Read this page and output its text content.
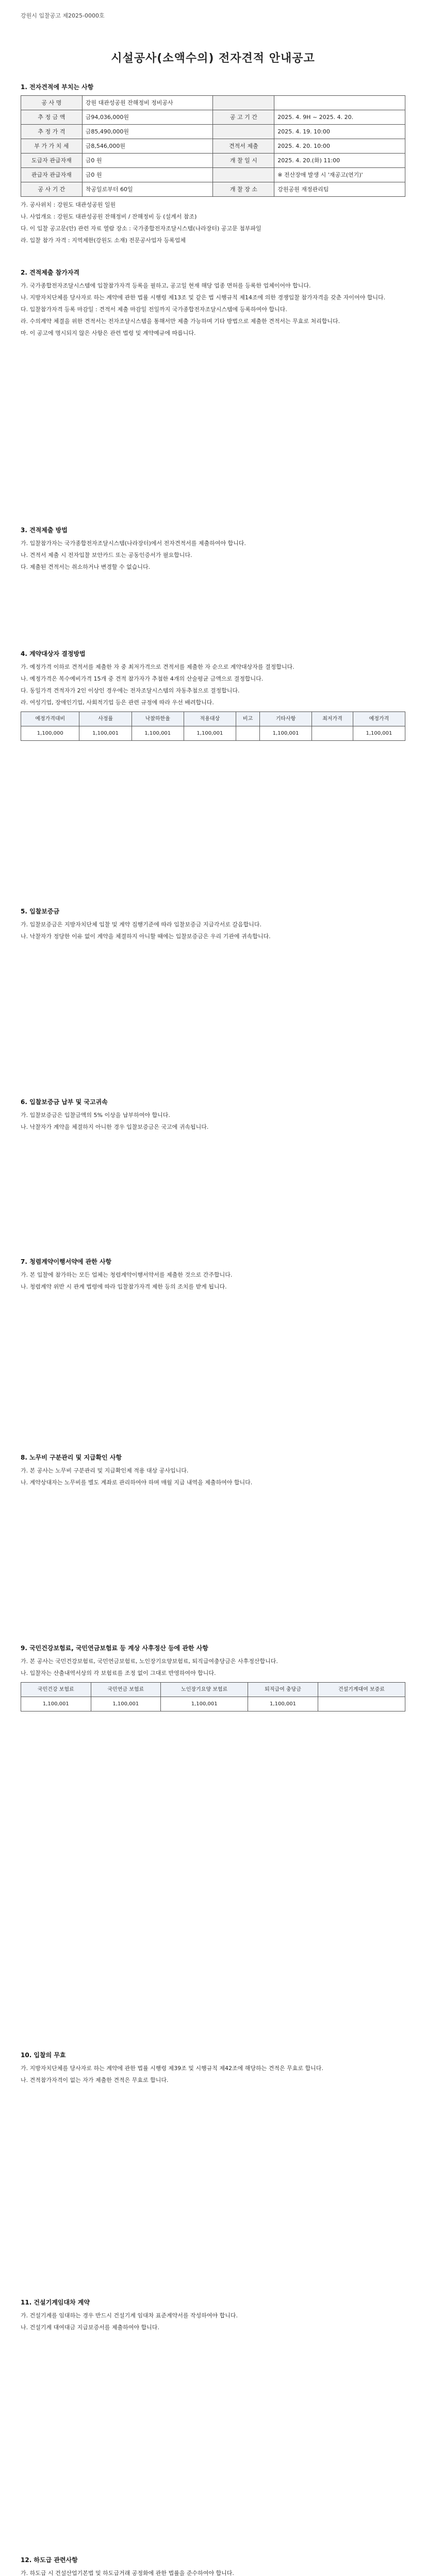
강원시 입찰공고 제2025-0000호
시설공사(소액수의) 전자견적 안내공고
1. 전자견적에 부치는 사항
공 사 명	강원 대관성공원 잔해정비 정비공사		
추 정 금 액	금94,036,000원	공 고 기 간	2025. 4. 9H ~ 2025. 4. 20.
추 정 가 격	금85,490,000원		2025. 4. 19. 10:00
부 가 가 치 세	금8,546,000원	견적서 제출	2025. 4. 20. 10:00
도급자 관급자재	금0 원	개 찰 일 시	2025. 4. 20.(화) 11:00
관급자 관급자재	금0 원		※ 전산장애 발생 시 '재공고(연기)'
공 사 기 간	착공일로부터 60일	개 찰 장 소	강원공원 재정관리팀

가. 공사위치 : 강원도 대관성공원 일원

나. 사업개요 : 강원도 대관성공원 잔해정비 / 잔해정비 등 (설계서 참조)

다. 이 입찰 공고문(안) 관련 자료 열람 장소 : 국가종합전자조달시스템(나라장터) 공고문 첨부파일

라. 입찰 참가 자격 : 지역제한(강원도 소재) 전문공사업자 등록업체

2. 견적제출 참가자격

가. 국가종합전자조달시스템에 입찰참가자격 등록을 필하고, 공고일 현재 해당 업종 면허를 등록한 업체이어야 합니다.

나. 지방자치단체를 당사자로 하는 계약에 관한 법률 시행령 제13조 및 같은 법 시행규칙 제14조에 의한 경쟁입찰 참가자격을 갖춘 자이어야 합니다.

다. 입찰참가자격 등록 마감일 : 견적서 제출 마감일 전일까지 국가종합전자조달시스템에 등록하여야 합니다.

라. 수의계약 체결을 위한 견적서는 전자조달시스템을 통해서만 제출 가능하며 기타 방법으로 제출한 견적서는 무효로 처리합니다.

마. 이 공고에 명시되지 않은 사항은 관련 법령 및 계약예규에 따릅니다.

3. 견적제출 방법

가. 입찰참가자는 국가종합전자조달시스템(나라장터)에서 전자견적서를 제출하여야 합니다.

나. 견적서 제출 시 전자입찰 보안카드 또는 공동인증서가 필요합니다.

다. 제출된 견적서는 취소하거나 변경할 수 없습니다.

4. 계약대상자 결정방법

가. 예정가격 이하로 견적서를 제출한 자 중 최저가격으로 견적서를 제출한 자 순으로 계약대상자를 결정합니다.

나. 예정가격은 복수예비가격 15개 중 견적 참가자가 추첨한 4개의 산술평균 금액으로 결정합니다.

다. 동일가격 견적자가 2인 이상인 경우에는 전자조달시스템의 자동추첨으로 결정합니다.

라. 여성기업, 장애인기업, 사회적기업 등은 관련 규정에 따라 우선 배려합니다.

예정가격대비	사정률	낙찰하한율	적용대상	비고	기타사항	최저가격	예정가격
1,100,000	1,100,001	1,100,001	1,100,001		1,100,001		1,100,001
5. 입찰보증금

가. 입찰보증금은 지방자치단체 입찰 및 계약 집행기준에 따라 입찰보증금 지급각서로 갈음합니다.

나. 낙찰자가 정당한 이유 없이 계약을 체결하지 아니할 때에는 입찰보증금은 우리 기관에 귀속합니다.

6. 입찰보증금 납부 및 국고귀속

가. 입찰보증금은 입찰금액의 5% 이상을 납부하여야 합니다.

나. 낙찰자가 계약을 체결하지 아니한 경우 입찰보증금은 국고에 귀속됩니다.

7. 청렴계약이행서약에 관한 사항

가. 본 입찰에 참가하는 모든 업체는 청렴계약이행서약서를 제출한 것으로 간주합니다.

나. 청렴계약 위반 시 관계 법령에 따라 입찰참가자격 제한 등의 조치를 받게 됩니다.

8. 노무비 구분관리 및 지급확인 사항

가. 본 공사는 노무비 구분관리 및 지급확인제 적용 대상 공사입니다.

나. 계약상대자는 노무비를 별도 계좌로 관리하여야 하며 매월 지급 내역을 제출하여야 합니다.

9. 국민건강보험료, 국민연금보험료 등 계상 사후정산 등에 관한 사항

가. 본 공사는 국민건강보험료, 국민연금보험료, 노인장기요양보험료, 퇴직급여충당금은 사후정산합니다.

나. 입찰자는 산출내역서상의 각 보험료를 조정 없이 그대로 반영하여야 합니다.

국민건강 보험료	국민연금 보험료	노인장기요양 보험료	퇴직급여 충당금	건설기계대여 보증료
1,100,001	1,100,001	1,100,001	1,100,001	
10. 입찰의 무효

가. 지방자치단체를 당사자로 하는 계약에 관한 법률 시행령 제39조 및 시행규칙 제42조에 해당하는 견적은 무효로 합니다.

나. 견적참가자격이 없는 자가 제출한 견적은 무효로 합니다.

11. 건설기계임대차 계약

가. 건설기계를 임대하는 경우 반드시 건설기계 임대차 표준계약서를 작성하여야 합니다.

나. 건설기계 대여대금 지급보증서를 제출하여야 합니다.

12. 하도급 관련사항

가. 하도급 시 건설산업기본법 및 하도급거래 공정화에 관한 법률을 준수하여야 합니다.
